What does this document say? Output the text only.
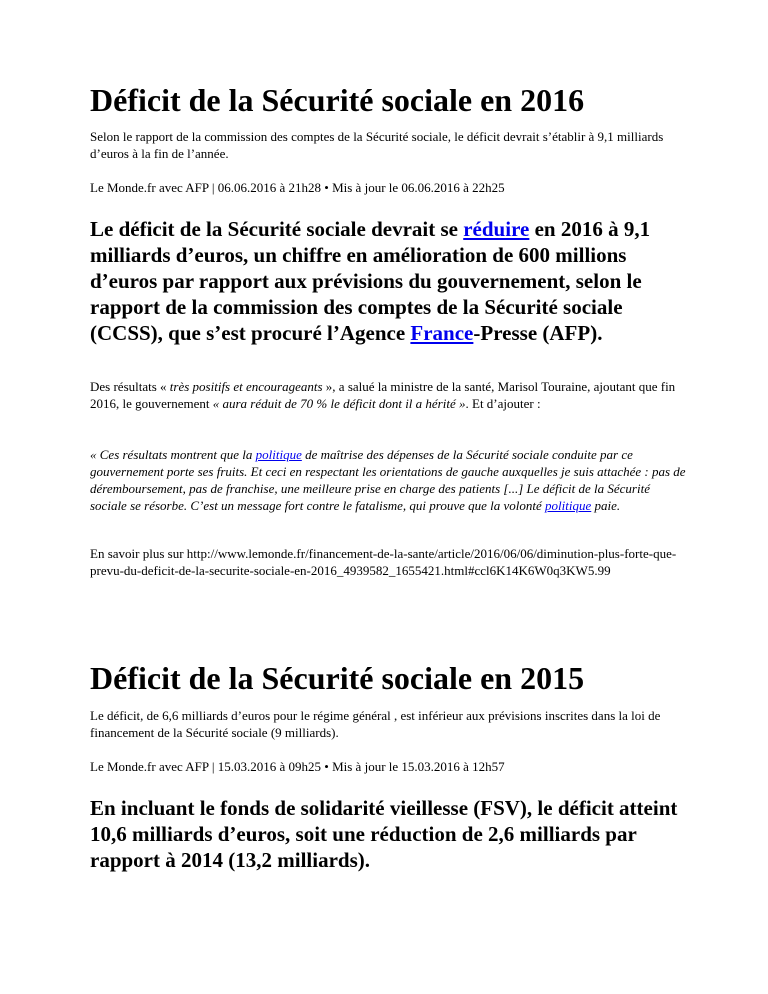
Déficit de la Sécurité sociale en 2016

Selon le rapport de la commission des comptes de la Sécurité sociale, le déficit devrait s’établir à 9,1 milliards d’euros à la fin de l’année.

Le Monde.fr avec AFP | 06.06.2016 à 21h28 • Mis à jour le 06.06.2016 à 22h25

Le déficit de la Sécurité sociale devrait se réduire en 2016 à 9,1 milliards d’euros, un chiffre en amélioration de 600 millions d’euros par rapport aux prévisions du gouvernement, selon le rapport de la commission des comptes de la Sécurité sociale (CCSS), que s’est procuré l’Agence France-Presse (AFP).

Des résultats « très positifs et encourageants », a salué la ministre de la santé, Marisol Touraine, ajoutant que fin 2016, le gouvernement « aura réduit de 70 % le déficit dont il a hérité ». Et d’ajouter :

« Ces résultats montrent que la politique de maîtrise des dépenses de la Sécurité sociale conduite par ce gouvernement porte ses fruits. Et ceci en respectant les orientations de gauche auxquelles je suis attachée : pas de déremboursement, pas de franchise, une meilleure prise en charge des patients [...] Le déficit de la Sécurité sociale se résorbe. C’est un message fort contre le fatalisme, qui prouve que la volonté politique paie.

En savoir plus sur http://www.lemonde.fr/financement-de-la-sante/article/2016/06/06/diminution-plus-forte-que-prevu-du-deficit-de-la-securite-sociale-en-2016_4939582_1655421.html#ccl6K14K6W0q3KW5.99

Déficit de la Sécurité sociale en 2015

Le déficit, de 6,6 milliards d’euros pour le régime général , est inférieur aux prévisions inscrites dans la loi de financement de la Sécurité sociale (9 milliards).

Le Monde.fr avec AFP | 15.03.2016 à 09h25 • Mis à jour le 15.03.2016 à 12h57

En incluant le fonds de solidarité vieillesse (FSV), le déficit atteint 10,6 milliards d’euros, soit une réduction de 2,6 milliards par rapport à 2014 (13,2 milliards).
